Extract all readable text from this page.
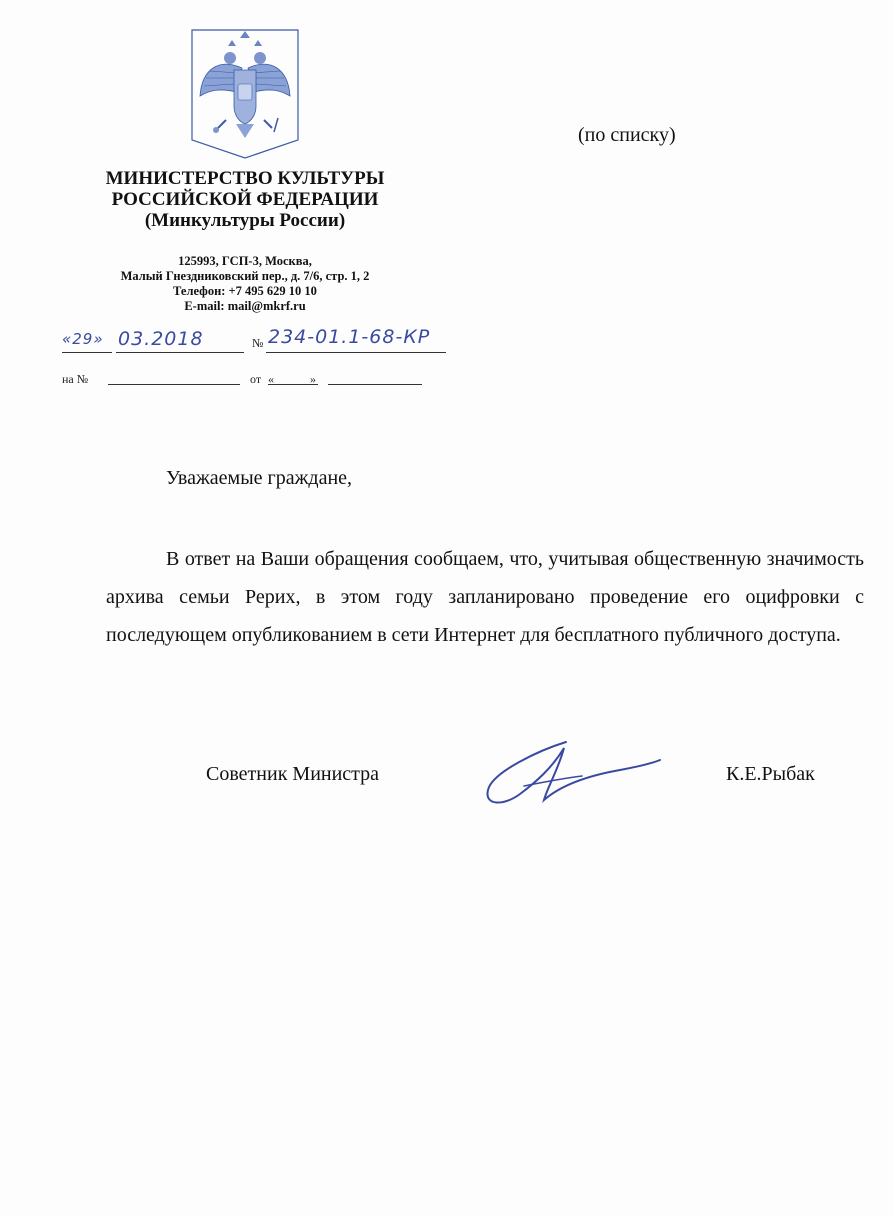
(по списку)
МИНИСТЕРСТВО КУЛЬТУРЫ
РОССИЙСКОЙ ФЕДЕРАЦИИ
(Минкультуры России)
125993, ГСП-3, Москва,
Малый Гнездниковский пер., д. 7/6, стр. 1, 2
Телефон: +7 495 629 10 10
E-mail: mail@mkrf.ru
«29» 03.2018	№ 234-01.1-68-КР
на №	от «	»
Уважаемые граждане,
В ответ на Ваши обращения сообщаем, что, учитывая общественную значимость архива семьи Рерих, в этом году запланировано проведение его оцифровки с последующем опубликованием в сети Интернет для бесплатного публичного доступа.
Советник Министра	К.Е.Рыбак
